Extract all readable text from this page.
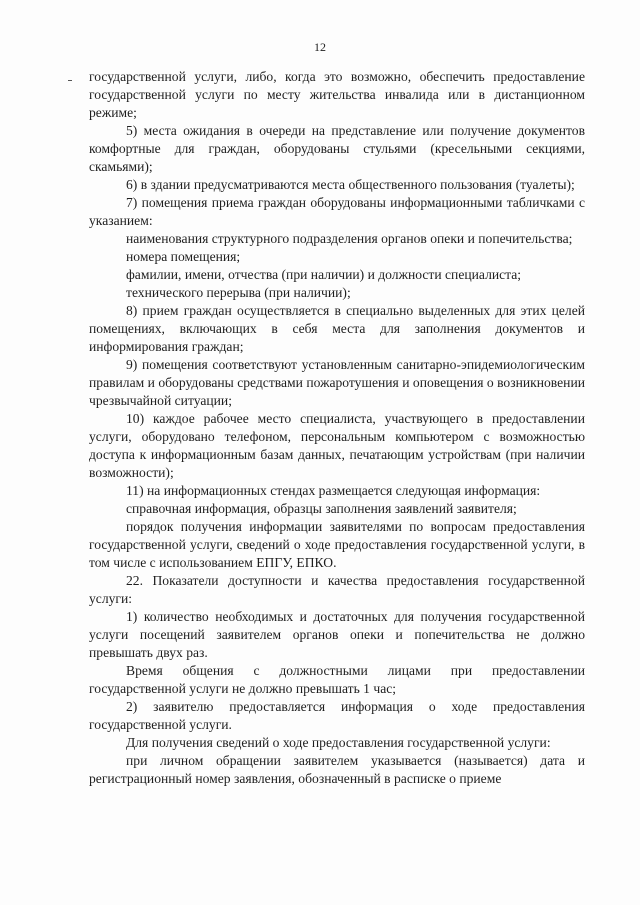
12

государственной услуги, либо, когда это возможно, обеспечить предоставление государственной услуги по месту жительства инвалида или в дистанционном режиме;

5) места ожидания в очереди на представление или получение документов комфортные для граждан, оборудованы стульями (кресельными секциями, скамьями);

6) в здании предусматриваются места общественного пользования (туалеты);

7) помещения приема граждан оборудованы информационными табличками с указанием:

наименования структурного подразделения органов опеки и попечительства;

номера помещения;

фамилии, имени, отчества (при наличии) и должности специалиста;

технического перерыва (при наличии);

8) прием граждан осуществляется в специально выделенных для этих целей помещениях, включающих в себя места для заполнения документов и информирования граждан;

9) помещения соответствуют установленным санитарно-эпидемиологическим правилам и оборудованы средствами пожаротушения и оповещения о возникновении чрезвычайной ситуации;

10) каждое рабочее место специалиста, участвующего в предоставлении услуги, оборудовано телефоном, персональным компьютером с возможностью доступа к информационным базам данных, печатающим устройствам (при наличии возможности);

11) на информационных стендах размещается следующая информация:

справочная информация, образцы заполнения заявлений заявителя;

порядок получения информации заявителями по вопросам предоставления государственной услуги, сведений о ходе предоставления государственной услуги, в том числе с использованием ЕПГУ, ЕПКО.

22. Показатели доступности и качества предоставления государственной услуги:

1) количество необходимых и достаточных для получения государственной услуги посещений заявителем органов опеки и попечительства не должно превышать двух раз.

Время общения с должностными лицами при предоставлении государственной услуги не должно превышать 1 час;

2) заявителю предоставляется информация о ходе предоставления государственной услуги.

Для получения сведений о ходе предоставления государственной услуги:

при личном обращении заявителем указывается (называется) дата и регистрационный номер заявления, обозначенный в расписке о приеме
